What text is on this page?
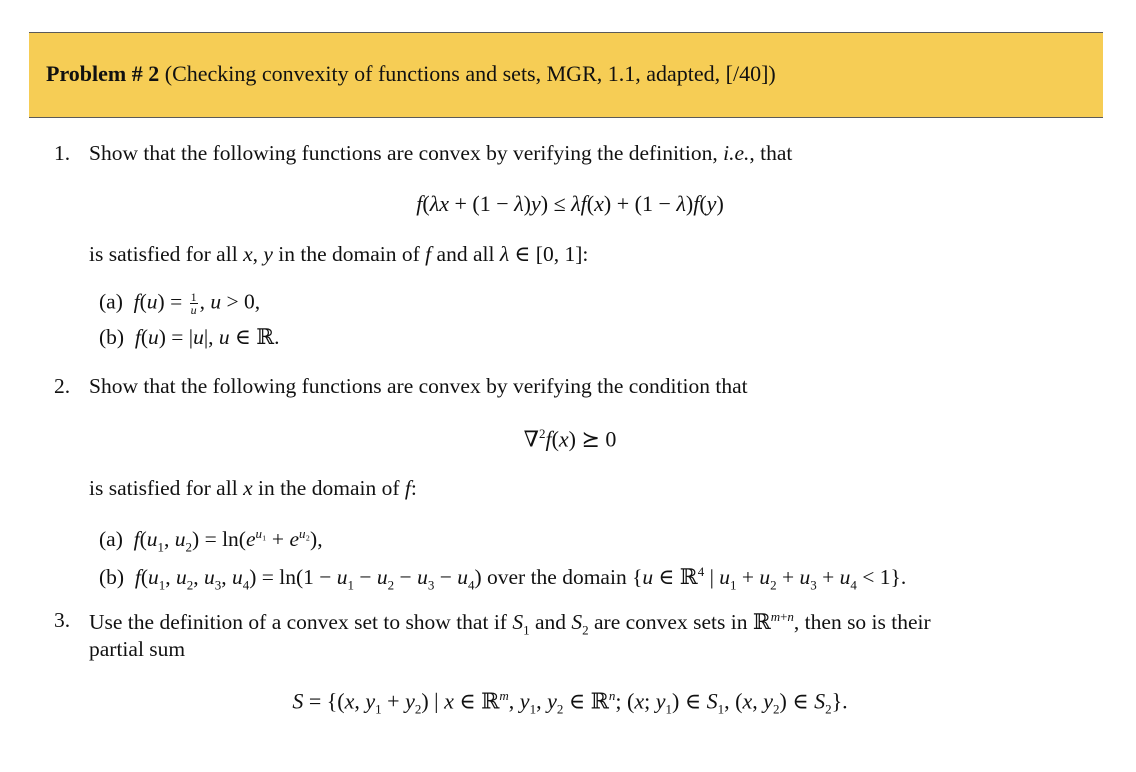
Problem # 2 (Checking convexity of functions and sets, MGR, 1.1, adapted, [/40])
1. Show that the following functions are convex by verifying the definition, i.e., that
f(λx + (1 − λ)y) ≤ λf(x) + (1 − λ)f(y)
is satisfied for all x, y in the domain of f and all λ ∈ [0, 1]:
(a) $f(u) = \frac{1}{u}$ , u > 0,
(b) f(u) = |u|, u ∈ ℝ.
2. Show that the following functions are convex by verifying the condition that
∇$^2$f(x) ⪰ 0
is satisfied for all x in the domain of f:
(a) $f(u_1$, $u_2) = \ln(e^{u_1} + e^{u_2})$,
(b) $f(u_1$, $u_2$, $u_3$, $u_4) = \ln(1 - u_1 - u_2 - u_3 - u_4)$ over the domain {u ∈ ℝ$^4$ | $u_1 + u_2 + u_3 + u_4 < 1$}.
3. Use the definition of a convex set to show that if $S_1$ and $S_2$ are convex sets in ℝ$^{m+n}$, then so is their
partial sum
S = {(x, $y_1 + y_2$) | x ∈ ℝ$^m$, $y_1$, $y_2$ ∈ ℝ$^n$; (x; $y_1$) ∈ $S_1$, (x, $y_2$) ∈ $S_2$}.
